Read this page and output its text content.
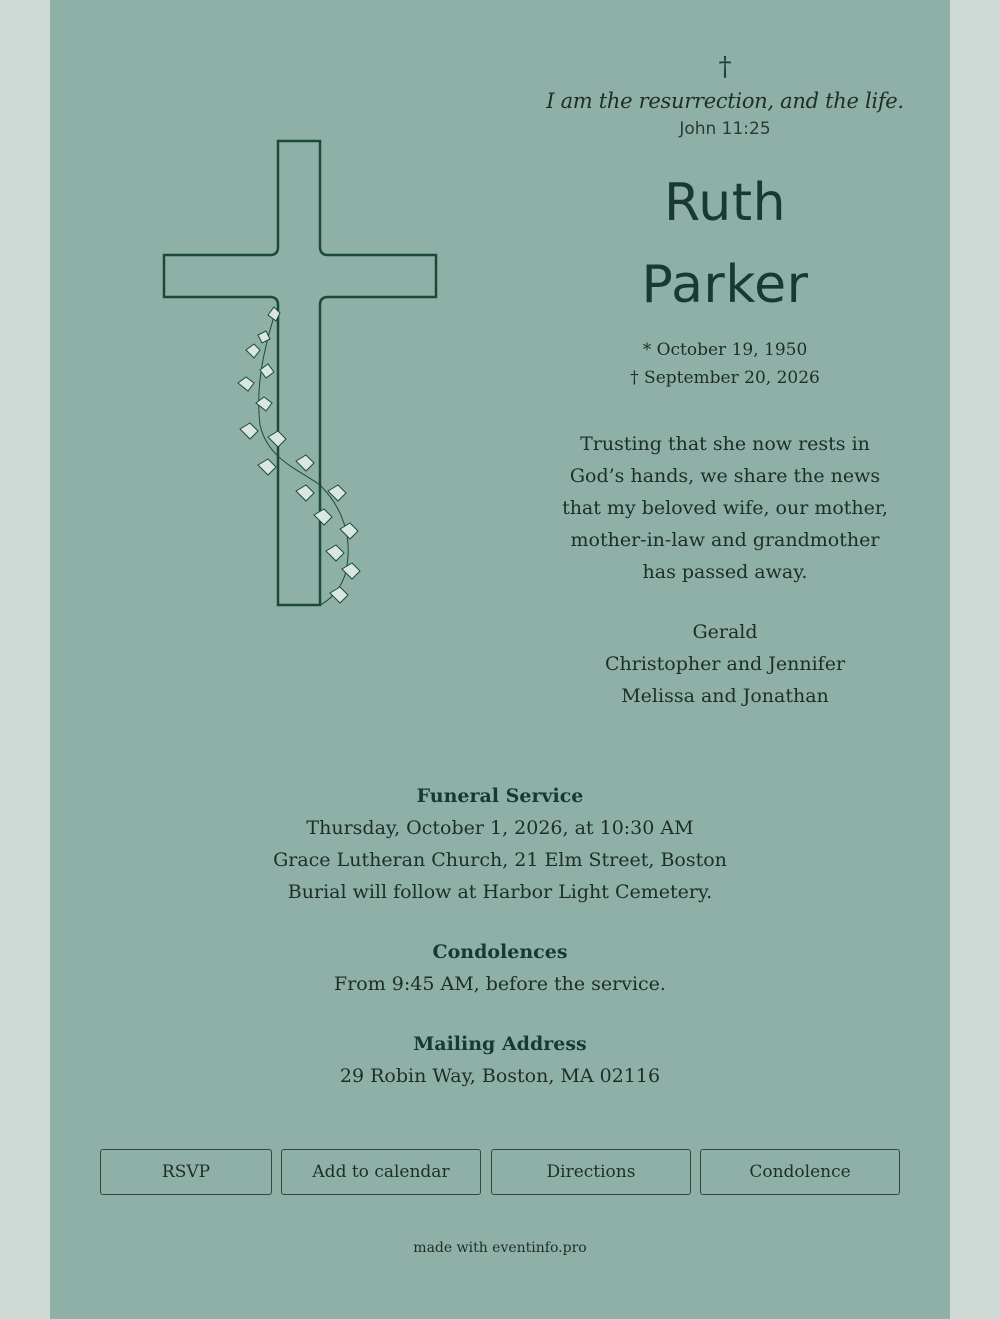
†
I am the resurrection, and the life.
John 11:25
Ruth
Parker
* October 19, 1950
† September 20, 2026
Trusting that she now rests in
God’s hands, we share the news
that my beloved wife, our mother,
mother-in-law and grandmother
has passed away.
Gerald
Christopher and Jennifer
Melissa and Jonathan
Funeral Service
Thursday, October 1, 2026, at 10:30 AM
Grace Lutheran Church, 21 Elm Street, Boston
Burial will follow at Harbor Light Cemetery.
Condolences
From 9:45 AM, before the service.
Mailing Address
29 Robin Way, Boston, MA 02116
RSVP	Add to calendar	Directions	Condolence
made with eventinfo.pro
